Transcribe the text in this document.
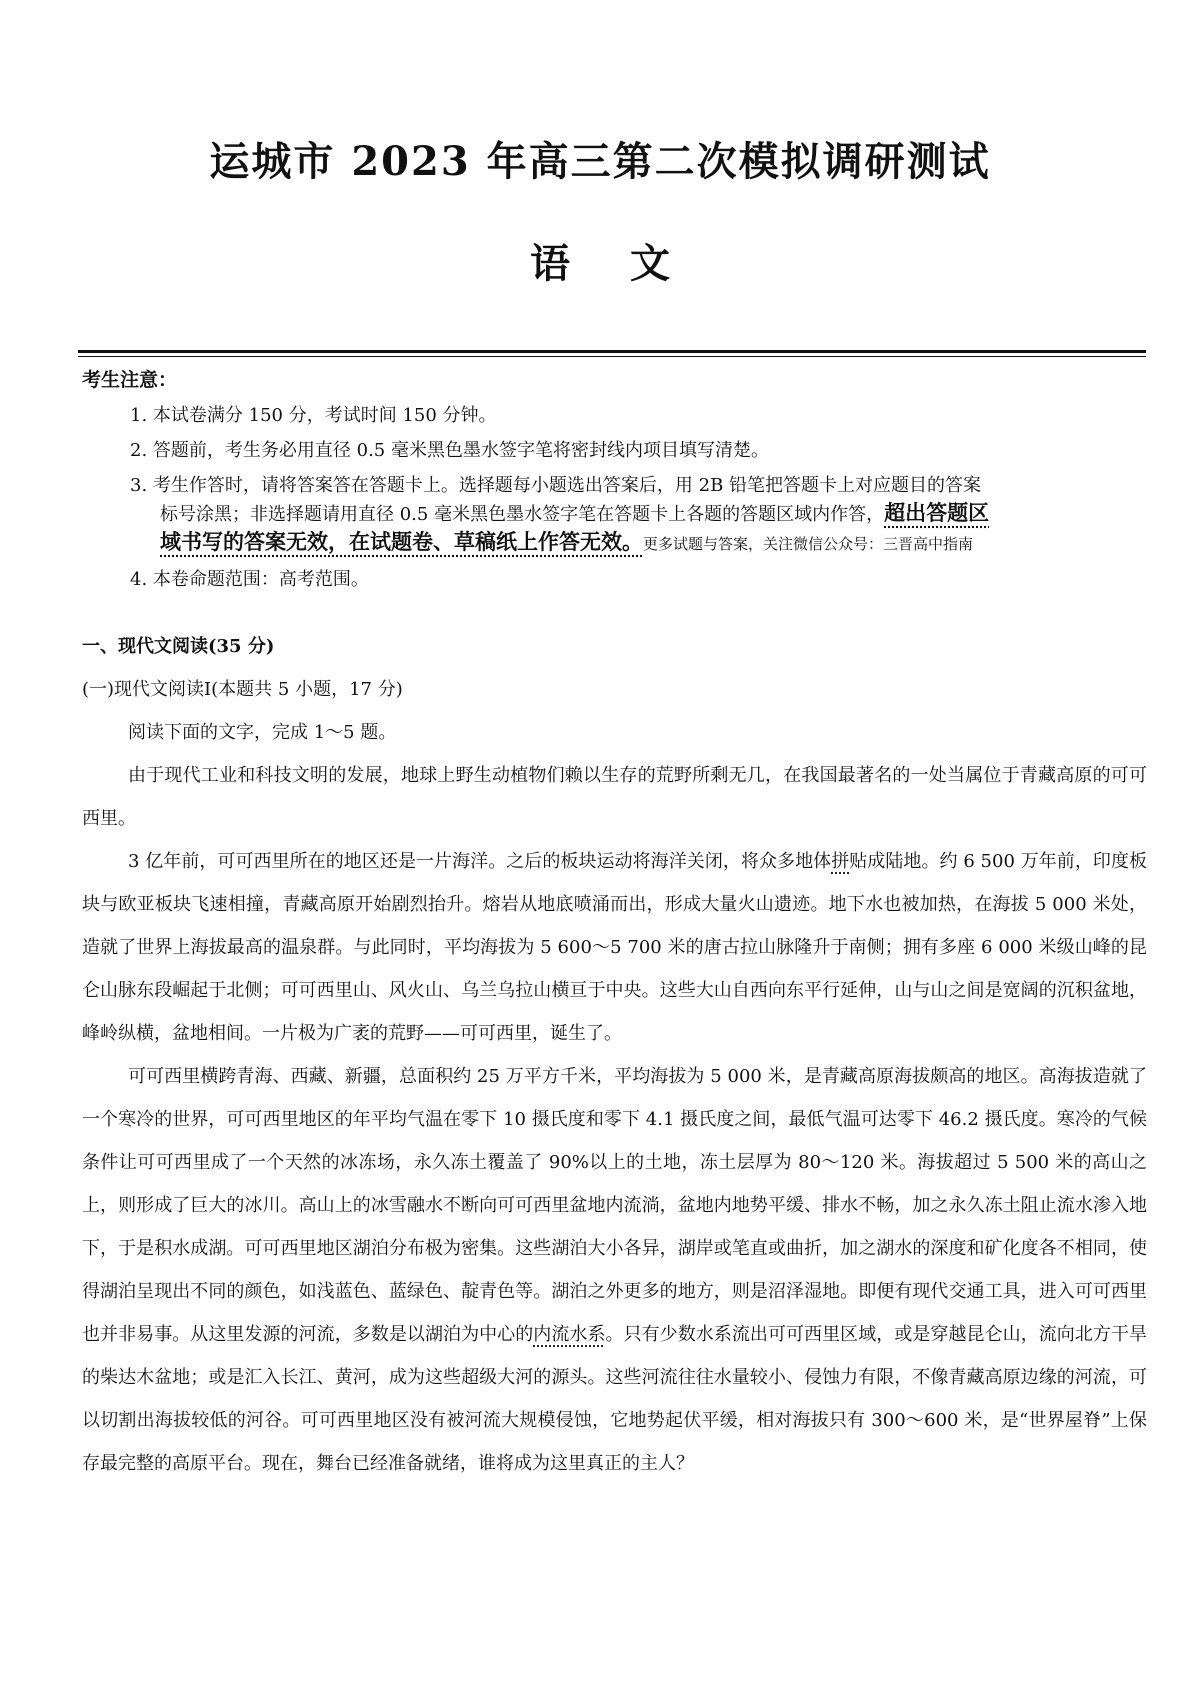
运城市 2023 年高三第二次模拟调研测试
语文
考生注意：
1. 本试卷满分 150 分，考试时间 150 分钟。
2. 答题前，考生务必用直径 0.5 毫米黑色墨水签字笔将密封线内项目填写清楚。
3. 考生作答时，请将答案答在答题卡上。选择题每小题选出答案后，用 2B 铅笔把答题卡上对应题目的答案
标号涂黑；非选择题请用直径 0.5 毫米黑色墨水签字笔在答题卡上各题的答题区域内作答，超出答题区
域书写的答案无效，在试题卷、草稿纸上作答无效。更多试题与答案，关注微信公众号：三晋高中指南
4. 本卷命题范围：高考范围。

一、现代文阅读(35 分)

(一)现代文阅读Ⅰ(本题共 5 小题，17 分)

阅读下面的文字，完成 1～5 题。

由于现代工业和科技文明的发展，地球上野生动植物们赖以生存的荒野所剩无几，在我国最著名的一处当属位于青藏高原的可可西里。

3 亿年前，可可西里所在的地区还是一片海洋。之后的板块运动将海洋关闭，将众多地体拼贴成陆地。约 6 500 万年前，印度板块与欧亚板块飞速相撞，青藏高原开始剧烈抬升。熔岩从地底喷涌而出，形成大量火山遗迹。地下水也被加热，在海拔 5 000 米处，造就了世界上海拔最高的温泉群。与此同时，平均海拔为 5 600～5 700 米的唐古拉山脉隆升于南侧；拥有多座 6 000 米级山峰的昆仑山脉东段崛起于北侧；可可西里山、风火山、乌兰乌拉山横亘于中央。这些大山自西向东平行延伸，山与山之间是宽阔的沉积盆地，峰岭纵横，盆地相间。一片极为广袤的荒野——可可西里，诞生了。

可可西里横跨青海、西藏、新疆，总面积约 25 万平方千米，平均海拔为 5 000 米，是青藏高原海拔颇高的地区。高海拔造就了一个寒冷的世界，可可西里地区的年平均气温在零下 10 摄氏度和零下 4.1 摄氏度之间，最低气温可达零下 46.2 摄氏度。寒冷的气候条件让可可西里成了一个天然的冰冻场，永久冻土覆盖了 90%以上的土地，冻土层厚为 80～120 米。海拔超过 5 500 米的高山之上，则形成了巨大的冰川。高山上的冰雪融水不断向可可西里盆地内流淌，盆地内地势平缓、排水不畅，加之永久冻土阻止流水渗入地下，于是积水成湖。可可西里地区湖泊分布极为密集。这些湖泊大小各异，湖岸或笔直或曲折，加之湖水的深度和矿化度各不相同，使得湖泊呈现出不同的颜色，如浅蓝色、蓝绿色、靛青色等。湖泊之外更多的地方，则是沼泽湿地。即便有现代交通工具，进入可可西里也并非易事。从这里发源的河流，多数是以湖泊为中心的内流水系。只有少数水系流出可可西里区域，或是穿越昆仑山，流向北方干旱的柴达木盆地；或是汇入长江、黄河，成为这些超级大河的源头。这些河流往往水量较小、侵蚀力有限，不像青藏高原边缘的河流，可以切割出海拔较低的河谷。可可西里地区没有被河流大规模侵蚀，它地势起伏平缓，相对海拔只有 300～600 米，是“世界屋脊”上保存最完整的高原平台。现在，舞台已经准备就绪，谁将成为这里真正的主人？
